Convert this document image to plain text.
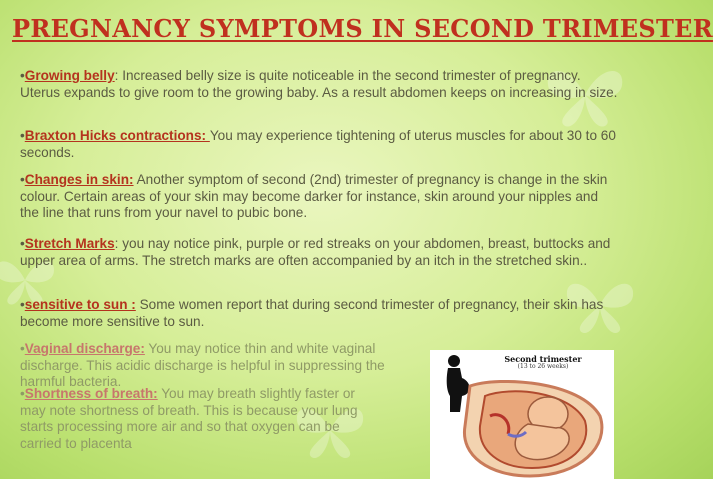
PREGNANCY SYMPTOMS IN SECOND TRIMESTER
•Growing belly: Increased belly size is quite noticeable in the second trimester of pregnancy. Uterus expands to give room to the growing baby. As a result abdomen keeps on increasing in size.
•Braxton Hicks contractions: You may experience tightening of uterus muscles for about 30 to 60 seconds.
•Changes in skin: Another symptom of second (2nd) trimester of pregnancy is change in the skin colour. Certain areas of your skin may become darker for instance, skin around your nipples and the line that runs from your navel to pubic bone.
•Stretch Marks: you nay notice pink, purple or red streaks on your abdomen, breast, buttocks and upper area of arms. The stretch marks are often accompanied by an itch in the stretched skin..
•sensitive to sun : Some women report that during second trimester of pregnancy, their skin has become more sensitive to sun.
•Vaginal discharge: You may notice thin and white vaginal discharge. This acidic discharge is helpful in suppressing the harmful bacteria.
•Shortness of breath: You may breath slightly faster or may note shortness of breath. This is because your lung starts processing more air and so that oxygen can be carried to placenta
Second trimester
(13 to 26 weeks)
